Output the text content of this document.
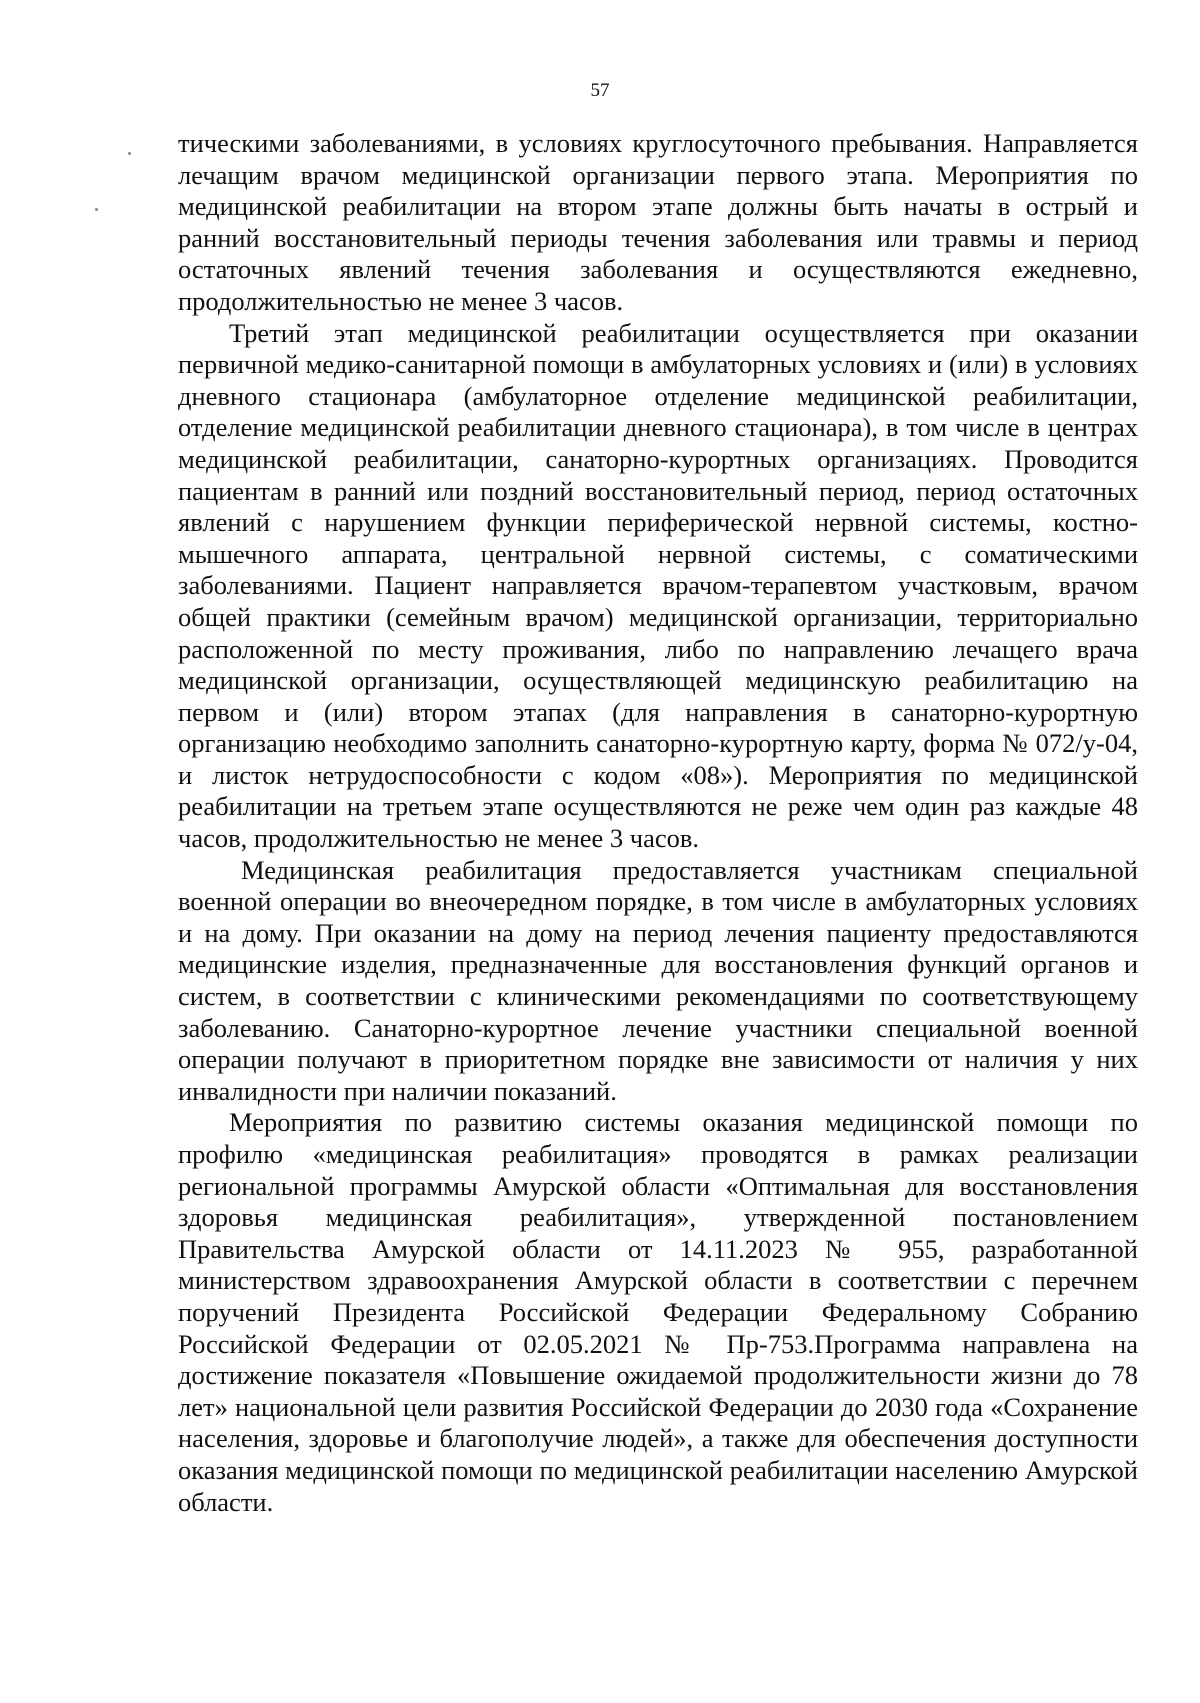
57

тическими заболеваниями, в условиях круглосуточного пребывания. Направляется лечащим врачом медицинской организации первого этапа. Мероприятия по медицинской реабилитации на втором этапе должны быть начаты в острый и ранний восстановительный периоды течения заболевания или травмы и период остаточных явлений течения заболевания и осуществляются ежедневно, продолжительностью не менее 3 часов.

Третий этап медицинской реабилитации осуществляется при оказании первичной медико-санитарной помощи в амбулаторных условиях и (или) в условиях дневного стационара (амбулаторное отделение медицинской реабилитации, отделение медицинской реабилитации дневного стационара), в том числе в центрах медицинской реабилитации, санаторно-курортных организациях. Проводится пациентам в ранний или поздний восстановительный период, период остаточных явлений с нарушением функции периферической нервной системы, костно-мышечного аппарата, центральной нервной системы, с соматическими заболеваниями. Пациент направляется врачом-терапевтом участковым, врачом общей практики (семейным врачом) медицинской организации, территориально расположенной по месту проживания, либо по направлению лечащего врача медицинской организации, осуществляющей медицинскую реабилитацию на первом и (или) втором этапах (для направления в санаторно-курортную организацию необходимо заполнить санаторно-курортную карту, форма № 072/у-04, и листок нетрудоспособности с кодом «08»). Мероприятия по медицинской реабилитации на третьем этапе осуществляются не реже чем один раз каждые 48 часов, продолжительностью не менее 3 часов.

Медицинская реабилитация предоставляется участникам специальной военной операции во внеочередном порядке, в том числе в амбулаторных условиях и на дому. При оказании на дому на период лечения пациенту предоставляются медицинские изделия, предназначенные для восстановления функций органов и систем, в соответствии с клиническими рекомендациями по соответствующему заболеванию. Санаторно-курортное лечение участники специальной военной операции получают в приоритетном порядке вне зависимости от наличия у них инвалидности при наличии показаний.

Мероприятия по развитию системы оказания медицинской помощи по профилю «медицинская реабилитация» проводятся в рамках реализации региональной программы Амурской области «Оптимальная для восстановления здоровья медицинская реабилитация», утвержденной постановлением Правительства Амурской области от 14.11.2023 № 955, разработанной министерством здравоохранения Амурской области в соответствии с перечнем поручений Президента Российской Федерации Федеральному Собранию Российской Федерации от 02.05.2021 № Пр-753.Программа направлена на достижение показателя «Повышение ожидаемой продолжительности жизни до 78 лет» национальной цели развития Российской Федерации до 2030 года «Сохранение населения, здоровье и благополучие людей», а также для обеспечения доступности оказания медицинской помощи по медицинской реабилитации населению Амурской области.
